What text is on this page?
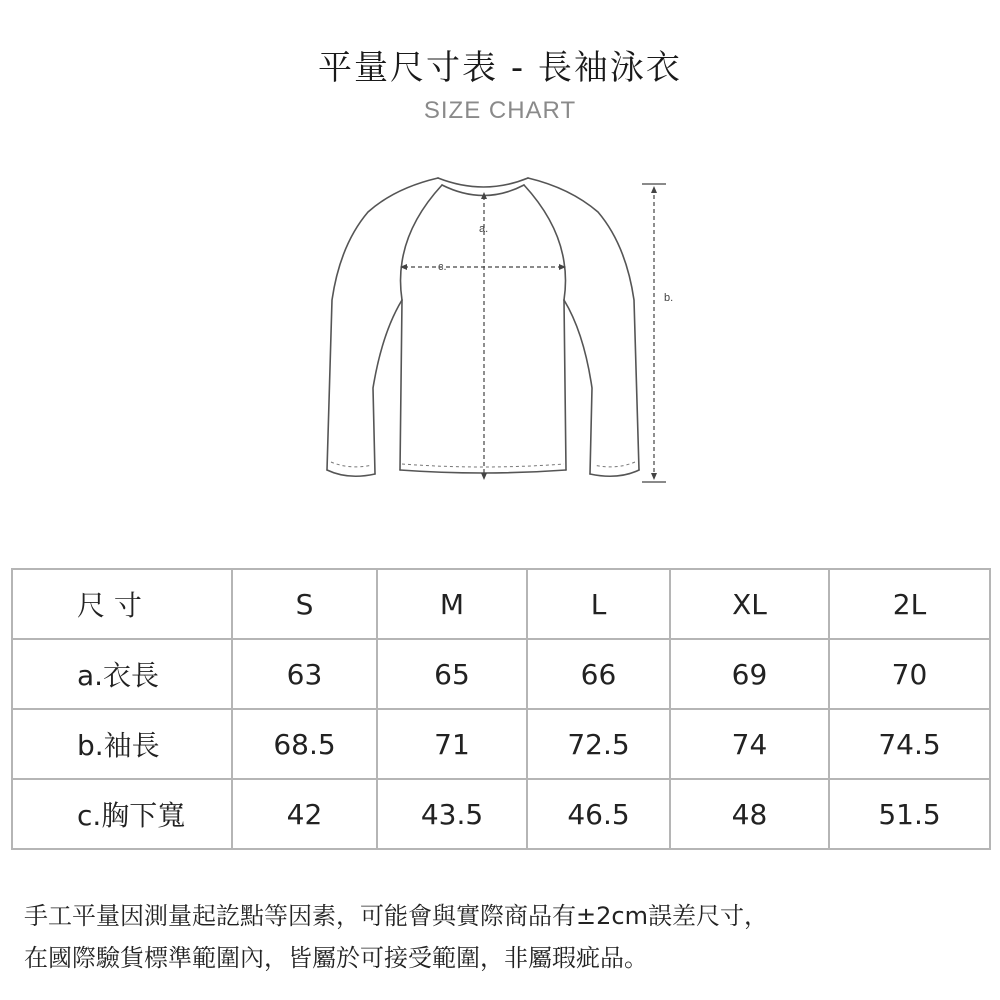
平量尺寸表 - 長袖泳衣
SIZE CHART
a.
c.
b.
尺 寸	S	M	L	XL	2L
a.衣長	63	65	66	69	70
b.袖長	68.5	71	72.5	74	74.5
c.胸下寬	42	43.5	46.5	48	51.5
手工平量因測量起訖點等因素，可能會與實際商品有±2cm誤差尺寸，
在國際驗貨標準範圍內，皆屬於可接受範圍，非屬瑕疵品。
